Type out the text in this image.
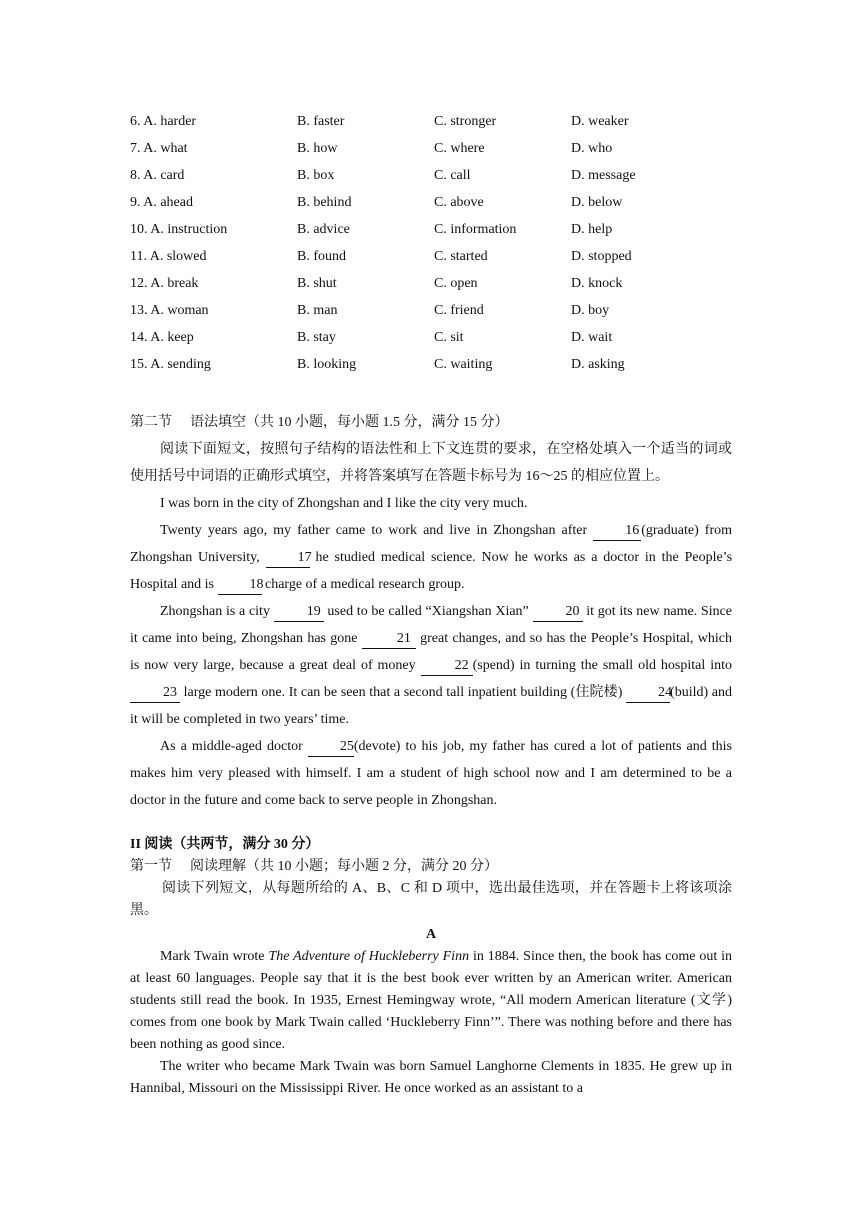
6. A. harder	B. faster	C. stronger	D. weaker
7. A. what	B. how	C. where	D. who
8. A. card	B. box	C. call	D. message
9. A. ahead	B. behind	C. above	D. below
10. A. instruction	B. advice	C. information	D. help
11. A. slowed	B. found	C. started	D. stopped
12. A. break	B. shut	C. open	D. knock
13. A. woman	B. man	C. friend	D. boy
14. A. keep	B. stay	C. sit	D. wait
15. A. sending	B. looking	C. waiting	D. asking
第二节 语法填空（共 10 小题，每小题 1.5 分，满分 15 分）

阅读下面短文，按照句子结构的语法性和上下文连贯的要求，在空格处填入一个适当的词或使用括号中词语的正确形式填空，并将答案填写在答题卡标号为 16～25 的相应位置上。

I was born in the city of Zhongshan and I like the city very much.

Twenty years ago, my father came to work and live in Zhongshan after	16 (graduate) from Zhongshan University,	17 he studied medical science. Now he works as a doctor in the People’s Hospital and is	18 charge of a medical research group.

Zhongshan is a city	19 used to be called “Xiangshan Xian”	20 it got its new name. Since it came into being, Zhongshan has gone	21 great changes, and so has the People’s Hospital, which is now very large, because a great deal of money	22 (spend) in turning the small old hospital into 23 large modern one. It can be seen that a second tall inpatient building (住院楼)	24(build) and it will be completed in two years’ time.

As a middle-aged doctor	25(devote) to his job, my father has cured a lot of patients and this makes him very pleased with himself. I am a student of high school now and I am determined to be a doctor in the future and come back to serve people in Zhongshan.

II 阅读（共两节，满分 30 分）
第一节 阅读理解（共 10 小题；每小题 2 分，满分 20 分）

阅读下列短文，从每题所给的 A、B、C 和 D 项中，选出最佳选项，并在答题卡上将该项涂黑。

A

Mark Twain wrote The Adventure of Huckleberry Finn in 1884. Since then, the book has come out in at least 60 languages. People say that it is the best book ever written by an American writer. American students still read the book. In 1935, Ernest Hemingway wrote, “All modern American literature (文学) comes from one book by Mark Twain called ‘Huckleberry Finn’”. There was nothing before and there has been nothing as good since.

The writer who became Mark Twain was born Samuel Langhorne Clements in 1835. He grew up in Hannibal, Missouri on the Mississippi River. He once worked as an assistant to a
